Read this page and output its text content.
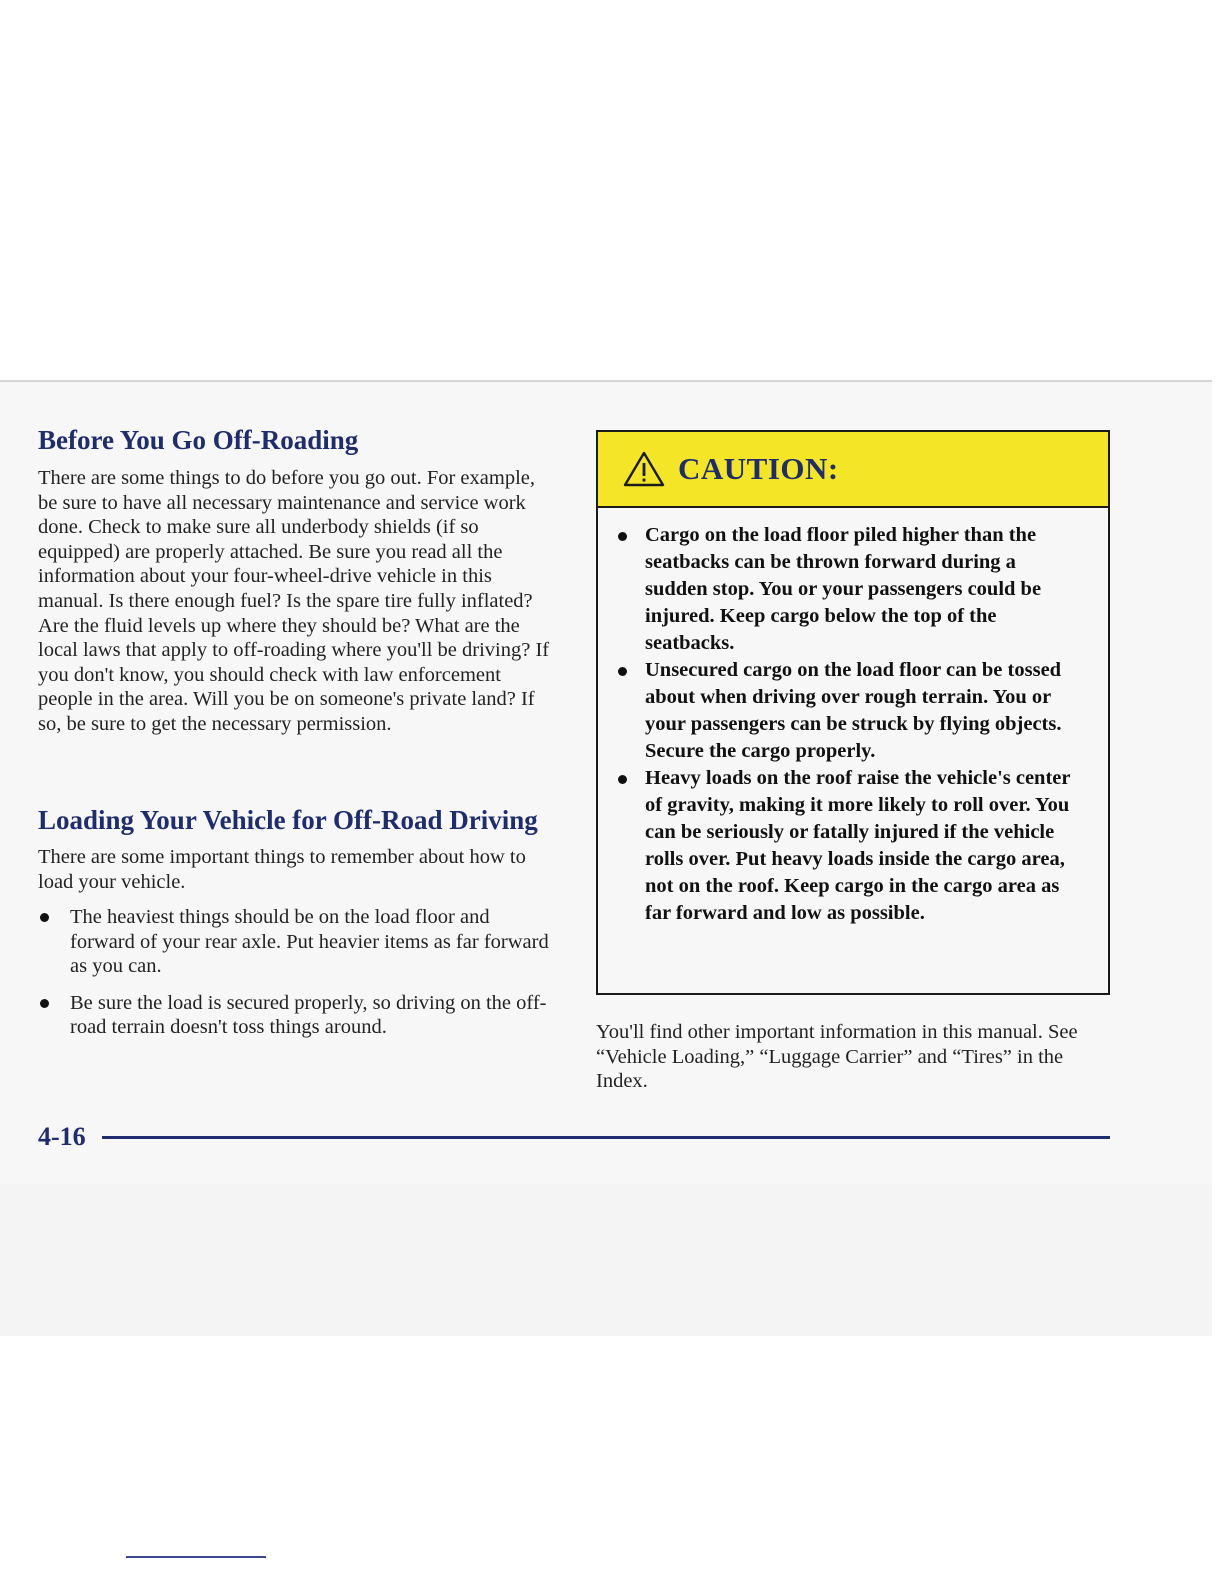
Before You Go Off-Roading

There are some things to do before you go out. For example, be sure to have all necessary maintenance and service work done. Check to make sure all underbody shields (if so equipped) are properly attached. Be sure you read all the information about your four-wheel-drive vehicle in this manual. Is there enough fuel? Is the spare tire fully inflated? Are the fluid levels up where they should be? What are the local laws that apply to off-roading where you'll be driving? If you don't know, you should check with law enforcement people in the area. Will you be on someone's private land? If so, be sure to get the necessary permission.

Loading Your Vehicle for Off-Road Driving

There are some important things to remember about how to load your vehicle.

The heaviest things should be on the load floor and forward of your rear axle. Put heavier items as far forward as you can.
Be sure the load is secured properly, so driving on the off-road terrain doesn't toss things around.
CAUTION:
Cargo on the load floor piled higher than the seatbacks can be thrown forward during a sudden stop. You or your passengers could be injured. Keep cargo below the top of the seatbacks.
Unsecured cargo on the load floor can be tossed about when driving over rough terrain. You or your passengers can be struck by flying objects. Secure the cargo properly.
Heavy loads on the roof raise the vehicle's center of gravity, making it more likely to roll over. You can be seriously or fatally injured if the vehicle rolls over. Put heavy loads inside the cargo area, not on the roof. Keep cargo in the cargo area as far forward and low as possible.

You'll find other important information in this manual. See “Vehicle Loading,” “Luggage Carrier” and “Tires” in the Index.

4-16
